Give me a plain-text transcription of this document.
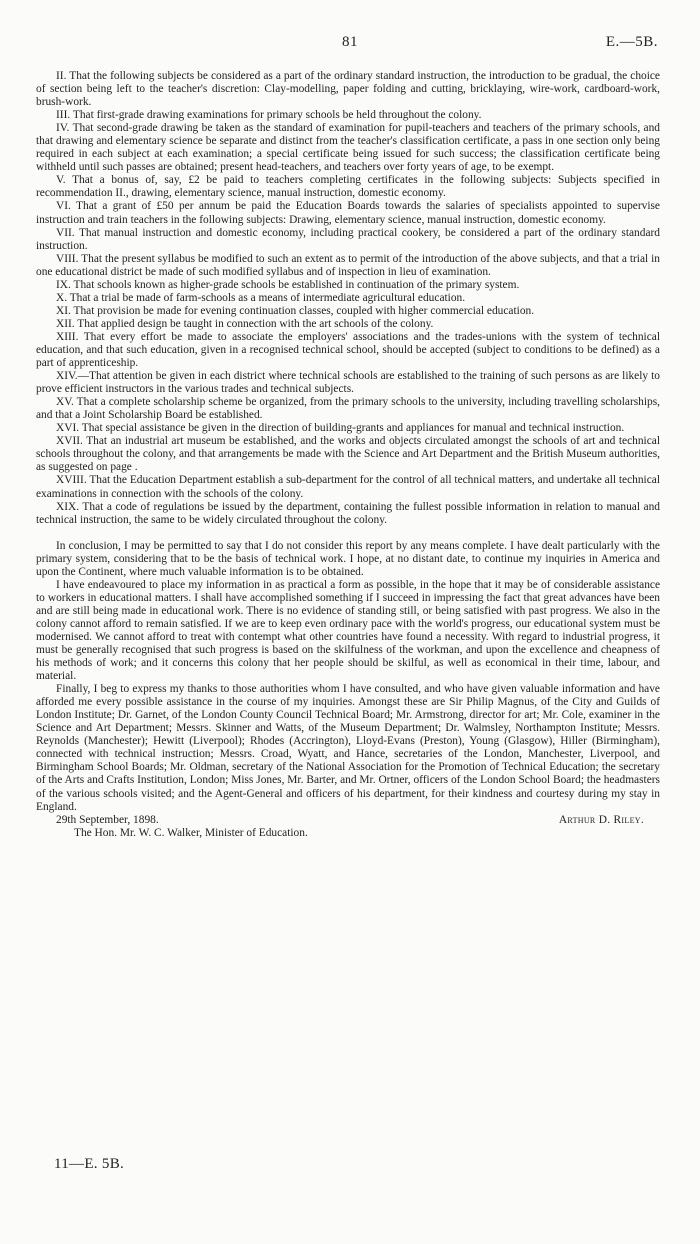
81	E.—5B.

II. That the following subjects be considered as a part of the ordinary standard instruction, the introduction to be gradual, the choice of section being left to the teacher's discretion: Clay-modelling, paper folding and cutting, bricklaying, wire-work, cardboard-work, brush-work.

III. That first-grade drawing examinations for primary schools be held throughout the colony.

IV. That second-grade drawing be taken as the standard of examination for pupil-teachers and teachers of the primary schools, and that drawing and elementary science be separate and distinct from the teacher's classification certificate, a pass in one section only being required in each subject at each examination; a special certificate being issued for such success; the classification certificate being withheld until such passes are obtained; present head-teachers, and teachers over forty years of age, to be exempt.

V. That a bonus of, say, £2 be paid to teachers completing certificates in the following subjects: Subjects specified in recommendation II., drawing, elementary science, manual instruction, domestic economy.

VI. That a grant of £50 per annum be paid the Education Boards towards the salaries of specialists appointed to supervise instruction and train teachers in the following subjects: Drawing, elementary science, manual instruction, domestic economy.

VII. That manual instruction and domestic economy, including practical cookery, be considered a part of the ordinary standard instruction.

VIII. That the present syllabus be modified to such an extent as to permit of the introduction of the above subjects, and that a trial in one educational district be made of such modified syllabus and of inspection in lieu of examination.

IX. That schools known as higher-grade schools be established in continuation of the primary system.

X. That a trial be made of farm-schools as a means of intermediate agricultural education.

XI. That provision be made for evening continuation classes, coupled with higher commercial education.

XII. That applied design be taught in connection with the art schools of the colony.

XIII. That every effort be made to associate the employers' associations and the trades-unions with the system of technical education, and that such education, given in a recognised technical school, should be accepted (subject to conditions to be defined) as a part of apprenticeship.

XIV.—That attention be given in each district where technical schools are established to the training of such persons as are likely to prove efficient instructors in the various trades and technical subjects.

XV. That a complete scholarship scheme be organized, from the primary schools to the university, including travelling scholarships, and that a Joint Scholarship Board be established.

XVI. That special assistance be given in the direction of building-grants and appliances for manual and technical instruction.

XVII. That an industrial art museum be established, and the works and objects circulated amongst the schools of art and technical schools throughout the colony, and that arrangements be made with the Science and Art Department and the British Museum authorities, as suggested on page .

XVIII. That the Education Department establish a sub-department for the control of all technical matters, and undertake all technical examinations in connection with the schools of the colony.

XIX. That a code of regulations be issued by the department, containing the fullest possible information in relation to manual and technical instruction, the same to be widely circulated throughout the colony.

In conclusion, I may be permitted to say that I do not consider this report by any means complete. I have dealt particularly with the primary system, considering that to be the basis of technical work. I hope, at no distant date, to continue my inquiries in America and upon the Continent, where much valuable information is to be obtained.

I have endeavoured to place my information in as practical a form as possible, in the hope that it may be of considerable assistance to workers in educational matters. I shall have accomplished something if I succeed in impressing the fact that great advances have been and are still being made in educational work. There is no evidence of standing still, or being satisfied with past progress. We also in the colony cannot afford to remain satisfied. If we are to keep even ordinary pace with the world's progress, our educational system must be modernised. We cannot afford to treat with contempt what other countries have found a necessity. With regard to industrial progress, it must be generally recognised that such progress is based on the skilfulness of the workman, and upon the excellence and cheapness of his methods of work; and it concerns this colony that her people should be skilful, as well as economical in their time, labour, and material.

Finally, I beg to express my thanks to those authorities whom I have consulted, and who have given valuable information and have afforded me every possible assistance in the course of my inquiries. Amongst these are Sir Philip Magnus, of the City and Guilds of London Institute; Dr. Garnet, of the London County Council Technical Board; Mr. Armstrong, director for art; Mr. Cole, examiner in the Science and Art Department; Messrs. Skinner and Watts, of the Museum Department; Dr. Walmsley, Northampton Institute; Messrs. Reynolds (Manchester); Hewitt (Liverpool); Rhodes (Accrington), Lloyd-Evans (Preston), Young (Glasgow), Hiller (Birmingham), connected with technical instruction; Messrs. Croad, Wyatt, and Hance, secretaries of the London, Manchester, Liverpool, and Birmingham School Boards; Mr. Oldman, secretary of the National Association for the Promotion of Technical Education; the secretary of the Arts and Crafts Institution, London; Miss Jones, Mr. Barter, and Mr. Ortner, officers of the London School Board; the headmasters of the various schools visited; and the Agent-General and officers of his department, for their kindness and courtesy during my stay in England.

29th September, 1898.	Arthur D. Riley.

The Hon. Mr. W. C. Walker, Minister of Education.

11—E. 5B.
